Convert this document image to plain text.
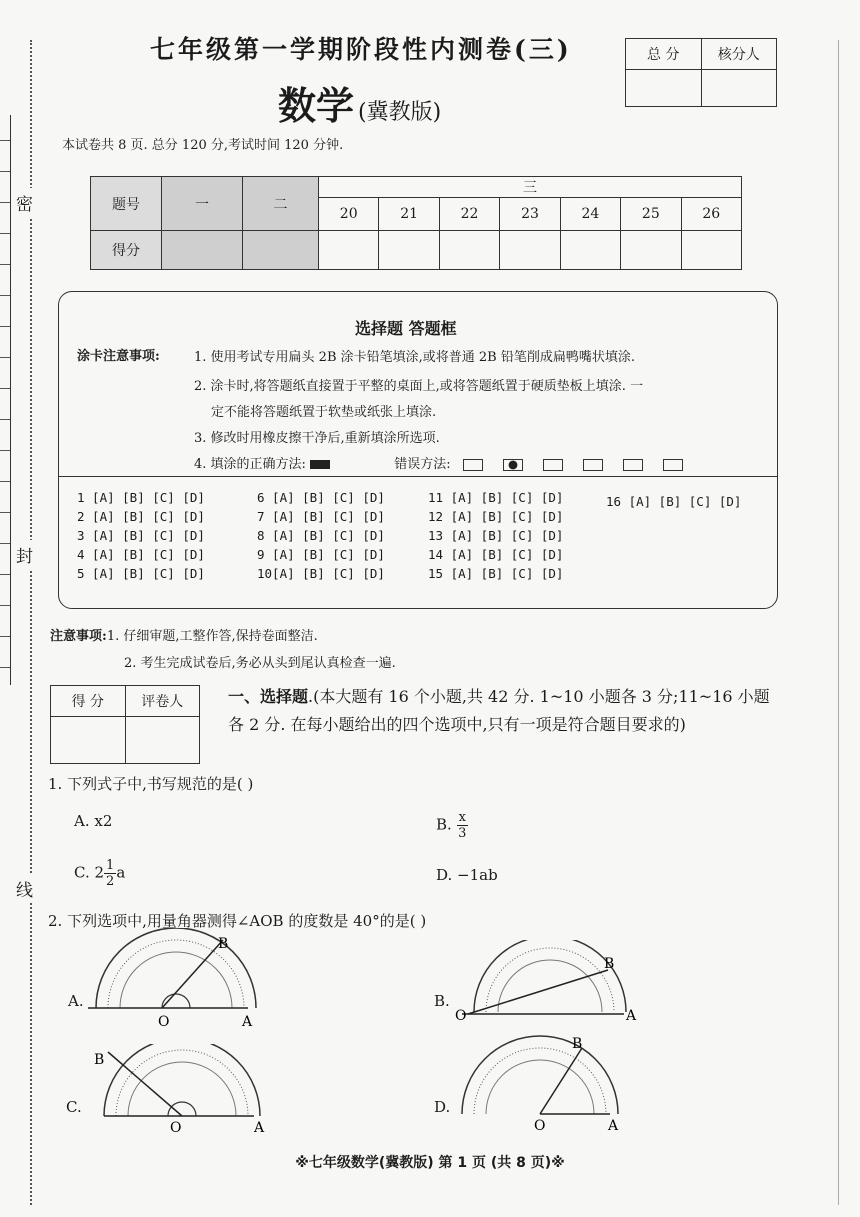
密
封
线
七年级第一学期阶段性内测卷(三)
数学 (冀教版)
总 分	核分人

本试卷共 8 页. 总分 120 分,考试时间 120 分钟.
题号	一	二	三						
			20	21	22	23	24	25	26
得分									
选择题 答题框
涂卡注意事项:	1. 使用考试专用扁头 2B 涂卡铅笔填涂,或将普通 2B 铅笔削成扁鸭嘴状填涂.
2. 涂卡时,将答题纸直接置于平整的桌面上,或将答题纸置于硬质垫板上填涂. 一
定不能将答题纸置于软垫或纸张上填涂.
3. 修改时用橡皮擦干净后,重新填涂所选项.
4. 填涂的正确方法:	错误方法:
1 [A] [B] [C] [D]
2 [A] [B] [C] [D]
3 [A] [B] [C] [D]
4 [A] [B] [C] [D]
5 [A] [B] [C] [D]
6 [A] [B] [C] [D]
7 [A] [B] [C] [D]
8 [A] [B] [C] [D]
9 [A] [B] [C] [D]
10[A] [B] [C] [D]
11 [A] [B] [C] [D]
12 [A] [B] [C] [D]
13 [A] [B] [C] [D]
14 [A] [B] [C] [D]
15 [A] [B] [C] [D]
16 [A] [B] [C] [D]
注意事项:1. 仔细审题,工整作答,保持卷面整洁.
2. 考生完成试卷后,务必从头到尾认真检查一遍.
得 分	评卷人
		一、选择题.(本大题有 16 个小题,共 42 分. 1~10 小题各 3 分;11~16 小题各 2 分. 在每小题给出的四个选项中,只有一项是符合题目要求的)
1. 下列式子中,书写规范的是( )
A. x2	B. $\frac{x}{3}$
C. $2 \frac{1}{2}$ a	D. −1ab
2. 下列选项中,用量角器测得∠AOB 的度数是 40°的是( )
A.
O	A
B
B.
O	A
B
C.
O	A
B
D.
O	A
B
※七年级数学(冀教版) 第 1 页 (共 8 页)※
